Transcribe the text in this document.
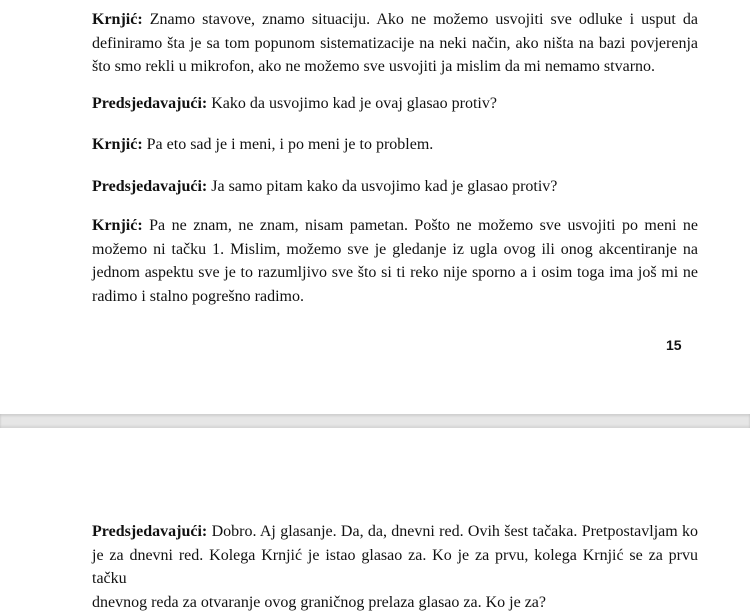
Krnjić: Znamo stavove, znamo situaciju. Ako ne možemo usvojiti sve odluke i usput da
definiramo šta je sa tom popunom sistematizacije na neki način, ako ništa na bazi povjerenja
što smo rekli u mikrofon, ako ne možemo sve usvojiti ja mislim da mi nemamo stvarno.

Predsjedavajući: Kako da usvojimo kad je ovaj glasao protiv?

Krnjić: Pa eto sad je i meni, i po meni je to problem.

Predsjedavajući: Ja samo pitam kako da usvojimo kad je glasao protiv?

Krnjić: Pa ne znam, ne znam, nisam pametan. Pošto ne možemo sve usvojiti po meni ne
možemo ni tačku 1. Mislim, možemo sve je gledanje iz ugla ovog ili onog akcentiranje na
jednom aspektu sve je to razumljivo sve što si ti reko nije sporno a i osim toga ima još mi ne
radimo i stalno pogrešno radimo.

15

Predsjedavajući: Dobro. Aj glasanje. Da, da, dnevni red. Ovih šest tačaka. Pretpostavljam ko
je za dnevni red. Kolega Krnjić je istao glasao za. Ko je za prvu, kolega Krnjić se za prvu tačku
dnevnog reda za otvaranje ovog graničnog prelaza glasao za. Ko je za?
